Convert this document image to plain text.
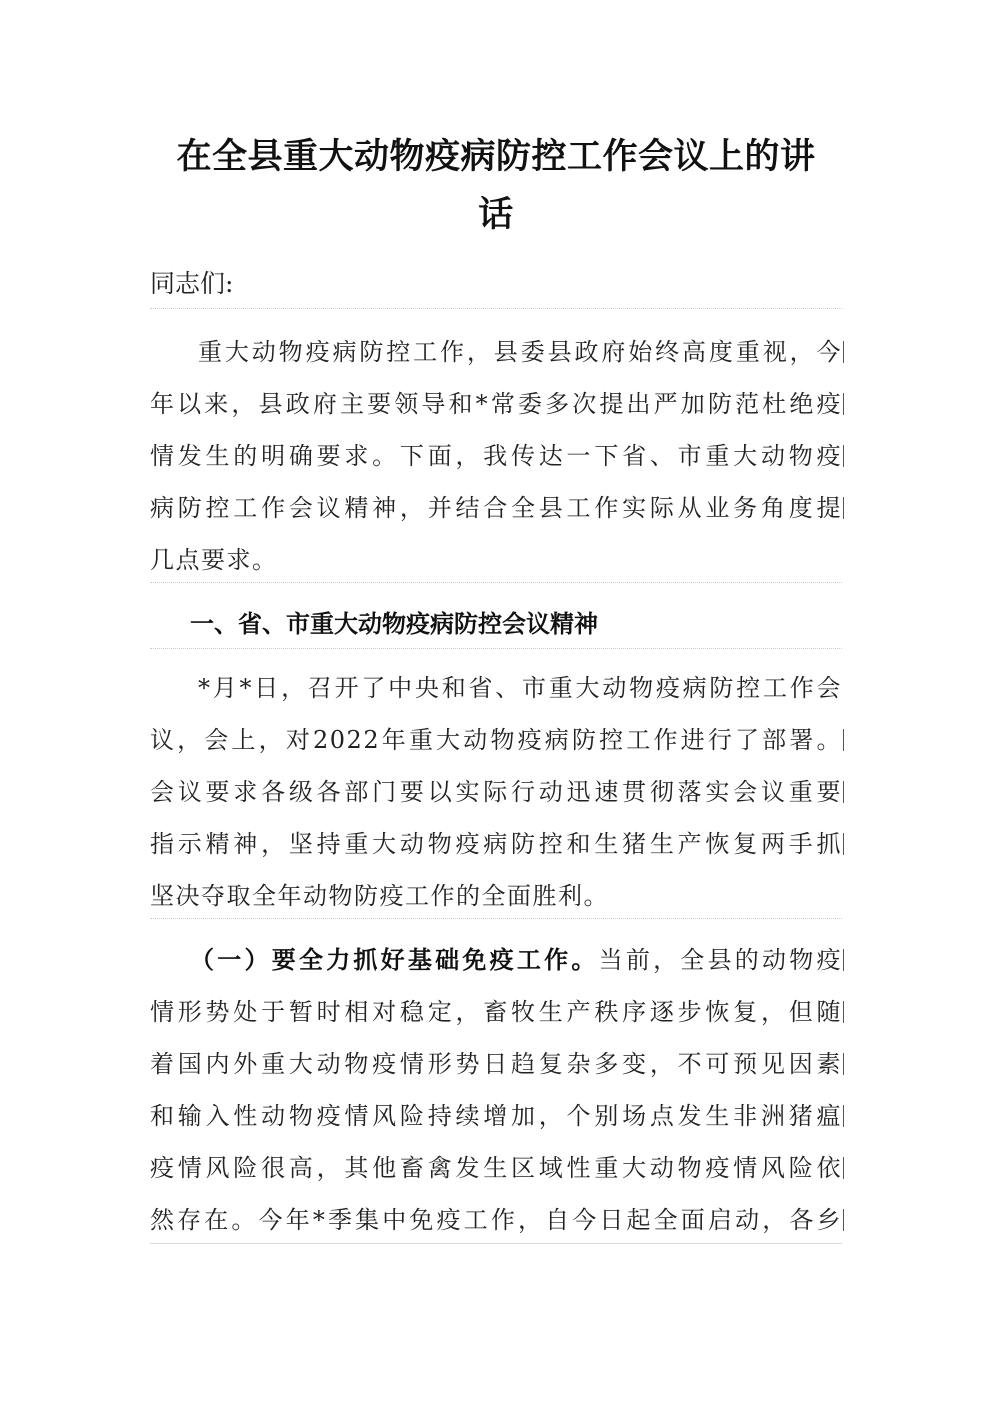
在全县重大动物疫病防控工作会议上的讲
话
同志们:
重大动物疫病防控工作，县委县政府始终高度重视，今
年以来，县政府主要领导和*常委多次提出严加防范杜绝疫
情发生的明确要求。下面，我传达一下省、市重大动物疫
病防控工作会议精神，并结合全县工作实际从业务角度提
几点要求。
一、省、市重大动物疫病防控会议精神
*月*日，召开了中央和省、市重大动物疫病防控工作会
议，会上，对2022年重大动物疫病防控工作进行了部署。
会议要求各级各部门要以实际行动迅速贯彻落实会议重要
指示精神，坚持重大动物疫病防控和生猪生产恢复两手抓
坚决夺取全年动物防疫工作的全面胜利。
（一）要全力抓好基础免疫工作。当前，全县的动物疫
情形势处于暂时相对稳定，畜牧生产秩序逐步恢复，但随
着国内外重大动物疫情形势日趋复杂多变，不可预见因素
和输入性动物疫情风险持续增加，个别场点发生非洲猪瘟
疫情风险很高，其他畜禽发生区域性重大动物疫情风险依
然存在。今年*季集中免疫工作，自今日起全面启动，各乡
